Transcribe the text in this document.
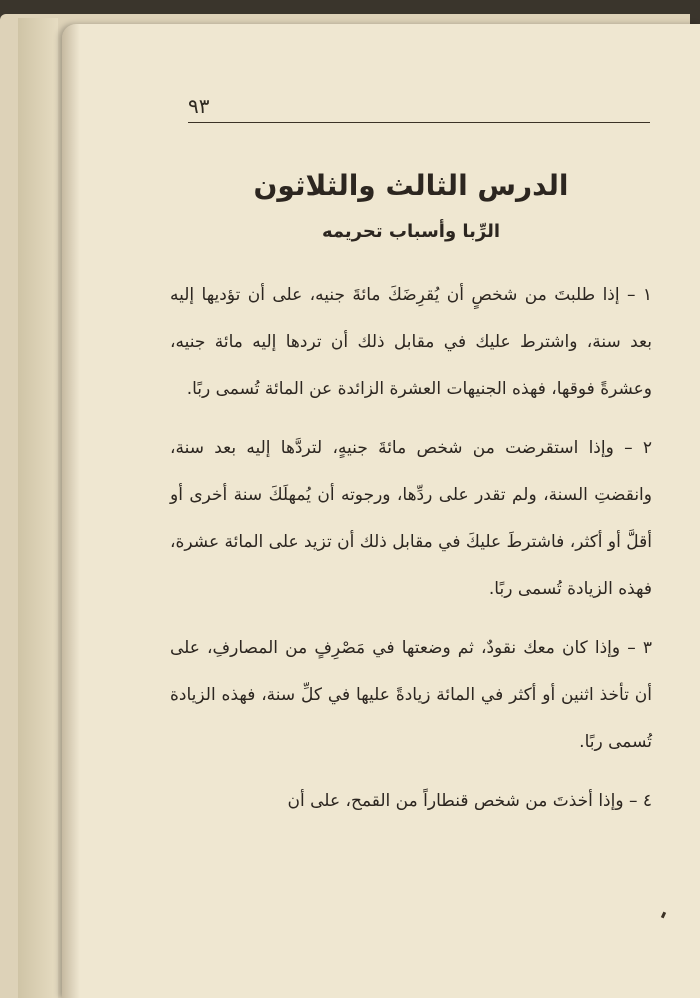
٩٣
الدرس الثالث والثلاثون
الرِّبا وأسباب تحريمه

١ – إذا طلبتَ من شخصٍ أن يُقرِضَكَ مائةَ جنيه، على أن تؤديها إليه بعد سنة، واشترط عليك في مقابل ذلك أن تردها إليه مائة جنيه، وعشرةً فوقها، فهذه الجنيهات العشرة الزائدة عن المائة تُسمى ربًا.

٢ – وإذا استقرضت من شخص مائةَ جنيهٍ، لتردَّها إليه بعد سنة، وانقضتِ السنة، ولم تقدر على ردِّها، ورجوته أن يُمهلَكَ سنة أخرى أو أقلَّ أو أكثر، فاشترطَ عليكَ في مقابل ذلك أن تزيد على المائة عشرة، فهذه الزيادة تُسمى ربًا.

٣ – وإذا كان معك نقودٌ، ثم وضعتها في مَصْرِفٍ من المصارفِ، على أن تأخذ اثنين أو أكثر في المائة زيادةً عليها في كلِّ سنة، فهذه الزيادة تُسمى ربًا.

٤ – وإذا أخذتَ من شخص قنطاراً من القمح، على أن
